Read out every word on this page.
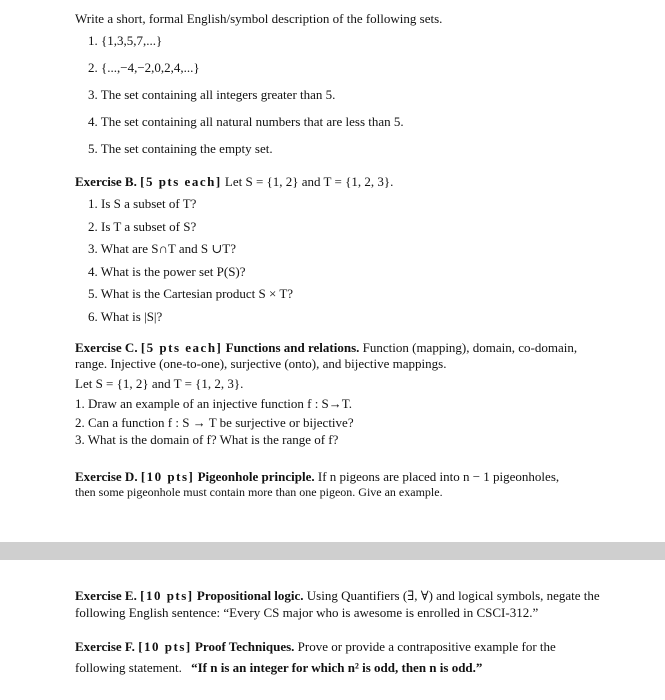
Write a short, formal English/symbol description of the following sets.
1. {1,3,5,7,...}
2. {...,−4,−2,0,2,4,...}
3. The set containing all integers greater than 5.
4. The set containing all natural numbers that are less than 5.
5. The set containing the empty set.
Exercise B. [5 pts each] Let S = {1, 2} and T = {1, 2, 3}.
1. Is S a subset of T?
2. Is T a subset of S?
3. What are S∩T and S ∪T?
4. What is the power set P(S)?
5. What is the Cartesian product S × T?
6. What is |S|?
Exercise C. [5 pts each] Functions and relations. Function (mapping), domain, co-domain,
range. Injective (one-to-one), surjective (onto), and bijective mappings.
Let S = {1, 2} and T = {1, 2, 3}.
1. Draw an example of an injective function f : S→T.
2. Can a function f : S → T be surjective or bijective?
3. What is the domain of f? What is the range of f?
Exercise D. [10 pts] Pigeonhole principle. If n pigeons are placed into n − 1 pigeonholes,
then some pigeonhole must contain more than one pigeon. Give an example.
Exercise E. [10 pts] Propositional logic. Using Quantifiers (∃, ∀) and logical symbols, negate the
following English sentence: “Every CS major who is awesome is enrolled in CSCI-312.”
Exercise F. [10 pts] Proof Techniques. Prove or provide a contrapositive example for the
following statement. “If n is an integer for which n² is odd, then n is odd.”
